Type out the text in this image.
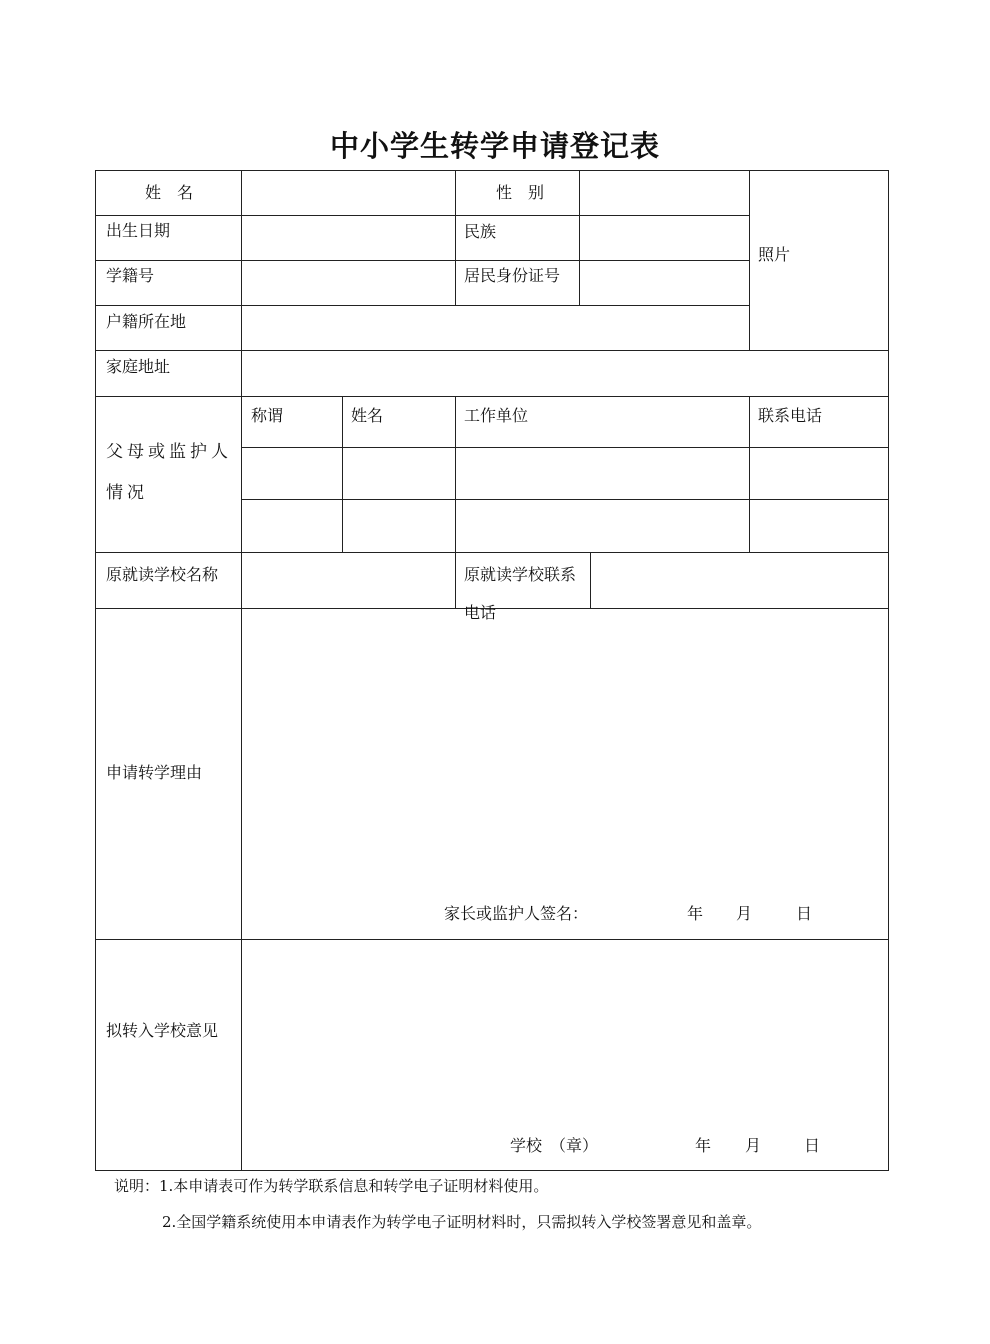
中小学生转学申请登记表
姓　名	性　别
照片
出生日期	民族
学籍号	居民身份证号
户籍所在地
家庭地址
父母或监护人情况
称谓	姓名	工作单位	联系电话
原就读学校名称	原就读学校联系电话
申请转学理由
家长或监护人签名：	年 月	日
拟转入学校意见
学校　（章）	年 月	日
说明：1.本申请表可作为转学联系信息和转学电子证明材料使用。
2.全国学籍系统使用本申请表作为转学电子证明材料时，只需拟转入学校签署意见和盖章。
